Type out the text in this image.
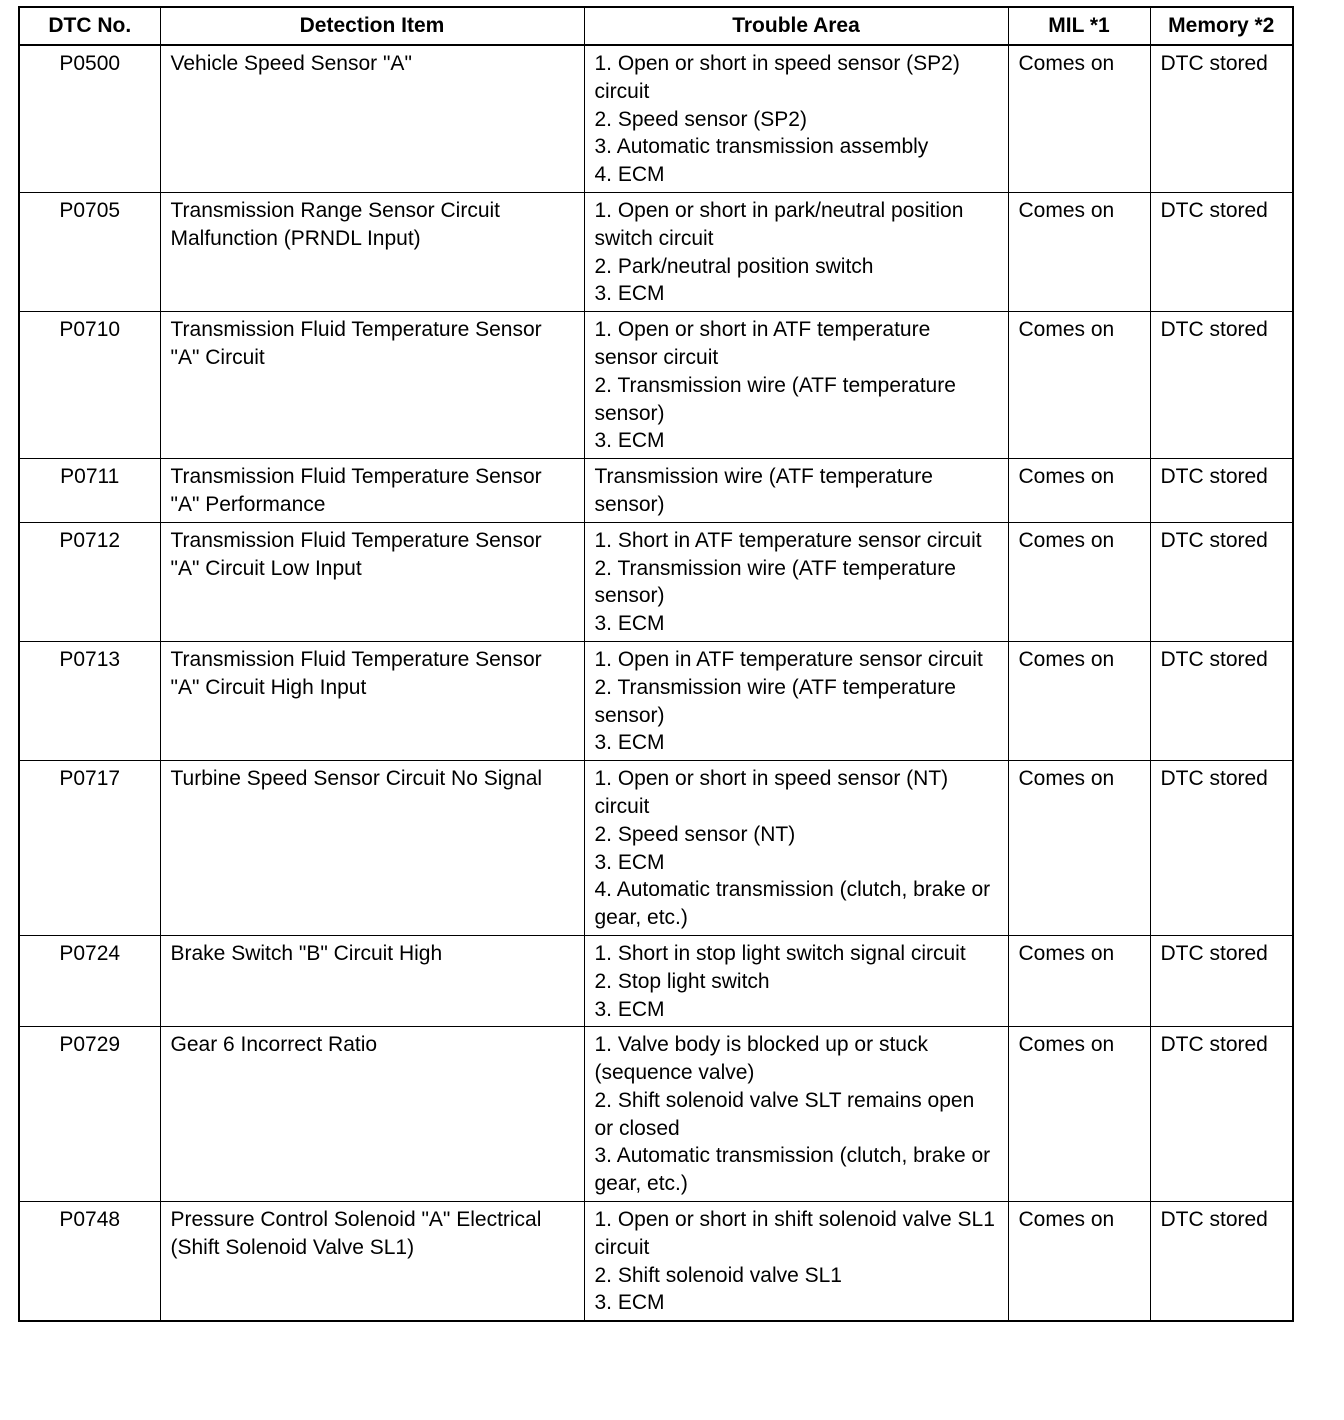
DTC No.	Detection Item	Trouble Area	MIL *1	Memory *2
P0500	Vehicle Speed Sensor "A"	1. Open or short in speed sensor (SP2) circuit
2. Speed sensor (SP2)
3. Automatic transmission assembly
4. ECM	Comes on	DTC stored
P0705	Transmission Range Sensor Circuit Malfunction (PRNDL Input)	1. Open or short in park/neutral position switch circuit
2. Park/neutral position switch
3. ECM	Comes on	DTC stored
P0710	Transmission Fluid Temperature Sensor "A" Circuit	1. Open or short in ATF temperature sensor circuit
2. Transmission wire (ATF temperature sensor)
3. ECM	Comes on	DTC stored
P0711	Transmission Fluid Temperature Sensor "A" Performance	Transmission wire (ATF temperature sensor)	Comes on	DTC stored
P0712	Transmission Fluid Temperature Sensor "A" Circuit Low Input	1. Short in ATF temperature sensor circuit
2. Transmission wire (ATF temperature sensor)
3. ECM	Comes on	DTC stored
P0713	Transmission Fluid Temperature Sensor "A" Circuit High Input	1. Open in ATF temperature sensor circuit
2. Transmission wire (ATF temperature sensor)
3. ECM	Comes on	DTC stored
P0717	Turbine Speed Sensor Circuit No Signal	1. Open or short in speed sensor (NT) circuit
2. Speed sensor (NT)
3. ECM
4. Automatic transmission (clutch, brake or gear, etc.)	Comes on	DTC stored
P0724	Brake Switch "B" Circuit High	1. Short in stop light switch signal circuit
2. Stop light switch
3. ECM	Comes on	DTC stored
P0729	Gear 6 Incorrect Ratio	1. Valve body is blocked up or stuck (sequence valve)
2. Shift solenoid valve SLT remains open or closed
3. Automatic transmission (clutch, brake or gear, etc.)	Comes on	DTC stored
P0748	Pressure Control Solenoid "A" Electrical (Shift Solenoid Valve SL1)	1. Open or short in shift solenoid valve SL1 circuit
2. Shift solenoid valve SL1
3. ECM	Comes on	DTC stored
